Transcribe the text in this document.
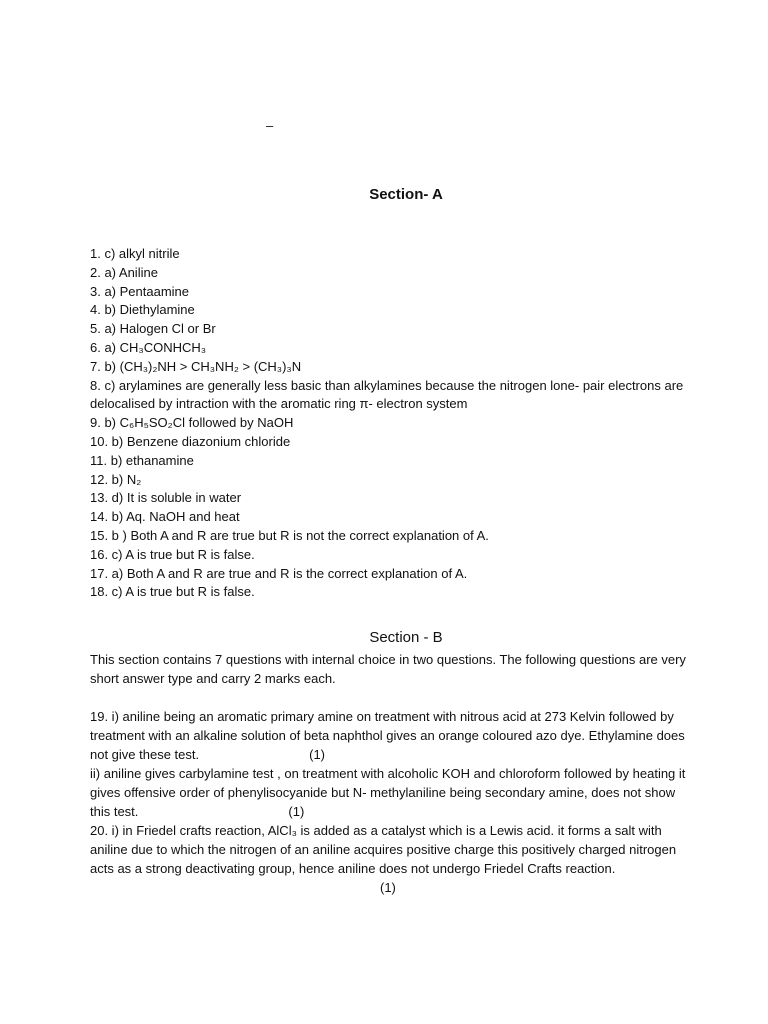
–
Section- A
1. c) alkyl nitrile
2. a) Aniline
3. a) Pentaamine
4. b) Diethylamine
5. a) Halogen Cl or Br
6. a) CH₃CONHCH₃
7. b) (CH₃)₂NH > CH₃NH₂ > (CH₃)₃N
8. c) arylamines are generally less basic than alkylamines because the nitrogen lone- pair electrons are delocalised by intraction with the aromatic ring π- electron system
9. b) C₆H₅SO₂Cl followed by NaOH
10. b) Benzene diazonium chloride
11. b) ethanamine
12. b) N₂
13. d) It is soluble in water
14. b) Aq. NaOH and heat
15. b ) Both A and R are true but R is not the correct explanation of A.
16. c) A is true but R is false.
17. a) Both A and R are true and R is the correct explanation of A.
18. c) A is true but R is false.
Section - B

This section contains 7 questions with internal choice in two questions. The following questions are very short answer type and carry 2 marks each.

19. i) aniline being an aromatic primary amine on treatment with nitrous acid at 273 Kelvin followed by treatment with an alkaline solution of beta naphthol gives an orange coloured azo dye. Ethylamine does not give these test.	(1)

ii) aniline gives carbylamine test , on treatment with alcoholic KOH and chloroform followed by heating it gives offensive order of phenylisocyanide but N- methylaniline being secondary amine, does not show this test.	(1)

20. i) in Friedel crafts reaction, AlCl₃ is added as a catalyst which is a Lewis acid. it forms a salt with aniline due to which the nitrogen of an aniline acquires positive charge this positively charged nitrogen acts as a strong deactivating group, hence aniline does not undergo Friedel Crafts reaction.(1)
